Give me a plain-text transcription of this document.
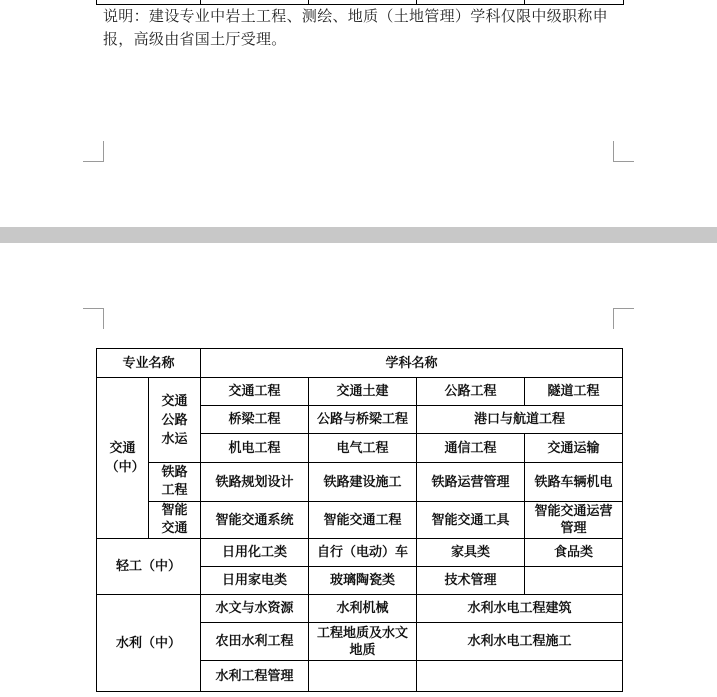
说明：建设专业中岩土工程、测绘、地质（土地管理）学科仅限中级职称申报，高级由省国土厅受理。
专业名称		学科名称			

交通（中）	交通公路水运	交通工程	交通土建	公路工程	隧道工程
		桥梁工程	公路与桥梁工程	港口与航道工程	
		机电工程	电气工程	通信工程	交通运输

	铁路工程	铁路规划设计	铁路建设施工	铁路运营管理	铁路车辆机电

	智能交通	智能交通系统	智能交通工程	智能交通工具	智能交通运营管理

轻工（中）		日用化工类	自行（电动）车	家具类	食品类
		日用家电类	玻璃陶瓷类	技术管理	
水利（中）		水文与水资源	水利机械	水利水电工程建筑	
		农田水利工程	工程地质及水文地质	水利水电工程施工	
		水利工程管理			
